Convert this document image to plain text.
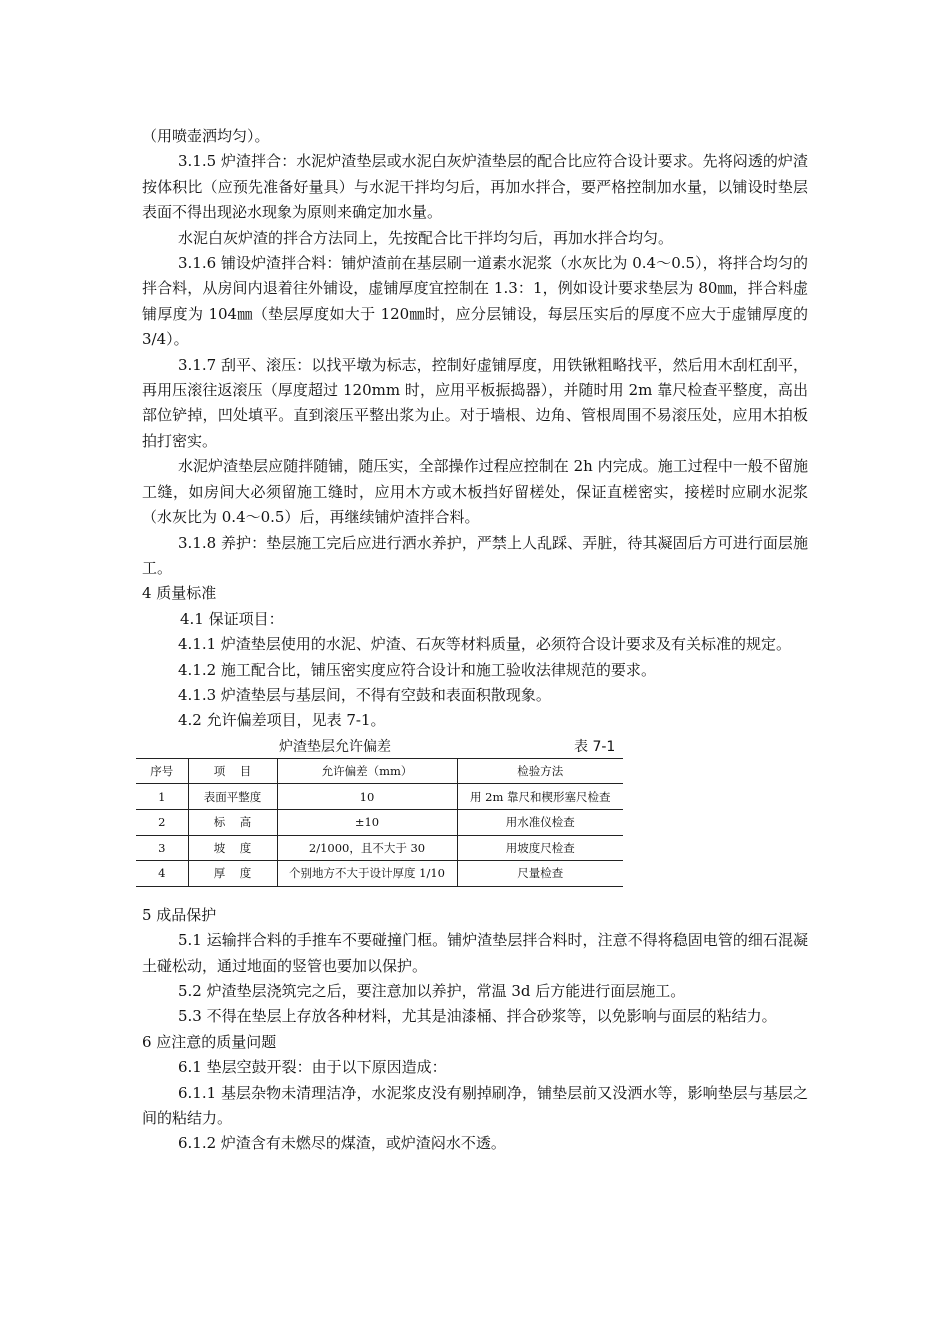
（用喷壶洒均匀）。

3.1.5 炉渣拌合：水泥炉渣垫层或水泥白灰炉渣垫层的配合比应符合设计要求。先将闷透的炉渣按体积比（应预先准备好量具）与水泥干拌均匀后，再加水拌合，要严格控制加水量，以铺设时垫层表面不得出现泌水现象为原则来确定加水量。

水泥白灰炉渣的拌合方法同上，先按配合比干拌均匀后，再加水拌合均匀。

3.1.6 铺设炉渣拌合料：铺炉渣前在基层刷一道素水泥浆（水灰比为 0.4～0.5），将拌合均匀的拌合料，从房间内退着往外铺设，虚铺厚度宜控制在 1.3：1，例如设计要求垫层为 80㎜，拌合料虚铺厚度为 104㎜（垫层厚度如大于 120㎜时，应分层铺设，每层压实后的厚度不应大于虚铺厚度的 3/4）。

3.1.7 刮平、滚压：以找平墩为标志，控制好虚铺厚度，用铁锹粗略找平，然后用木刮杠刮平，再用压滚往返滚压（厚度超过 120mm 时，应用平板振捣器），并随时用 2m 靠尺检查平整度，高出部位铲掉，凹处填平。直到滚压平整出浆为止。对于墙根、边角、管根周围不易滚压处，应用木拍板拍打密实。

水泥炉渣垫层应随拌随铺，随压实，全部操作过程应控制在 2h 内完成。施工过程中一般不留施工缝，如房间大必须留施工缝时，应用木方或木板挡好留槎处，保证直槎密实，接槎时应刷水泥浆（水灰比为 0.4～0.5）后，再继续铺炉渣拌合料。

3.1.8 养护：垫层施工完后应进行洒水养护，严禁上人乱踩、弄脏，待其凝固后方可进行面层施工。

4 质量标准

4.1 保证项目：

4.1.1 炉渣垫层使用的水泥、炉渣、石灰等材料质量，必须符合设计要求及有关标准的规定。

4.1.2 施工配合比，铺压密实度应符合设计和施工验收法律规范的要求。

4.1.3 炉渣垫层与基层间，不得有空鼓和表面积散现象。

4.2 允许偏差项目，见表 7-1。

炉渣垫层允许偏差	表 7-1
序号	项    目	允许偏差（mm）	检验方法
1	表面平整度	10	用 2m 靠尺和楔形塞尺检查
2	标    高	±10	用水准仪检查
3	坡    度	2/1000，且不大于 30	用坡度尺检查
4	厚    度	个别地方不大于设计厚度 1/10	尺量检查

5 成品保护

5.1 运输拌合料的手推车不要碰撞门框。铺炉渣垫层拌合料时，注意不得将稳固电管的细石混凝土碰松动，通过地面的竖管也要加以保护。

5.2 炉渣垫层浇筑完之后，要注意加以养护，常温 3d 后方能进行面层施工。

5.3 不得在垫层上存放各种材料，尤其是油漆桶、拌合砂浆等，以免影响与面层的粘结力。

6 应注意的质量问题

6.1 垫层空鼓开裂：由于以下原因造成：

6.1.1 基层杂物未清理洁净，水泥浆皮没有剔掉刷净，铺垫层前又没洒水等，影响垫层与基层之间的粘结力。

6.1.2 炉渣含有未燃尽的煤渣，或炉渣闷水不透。
